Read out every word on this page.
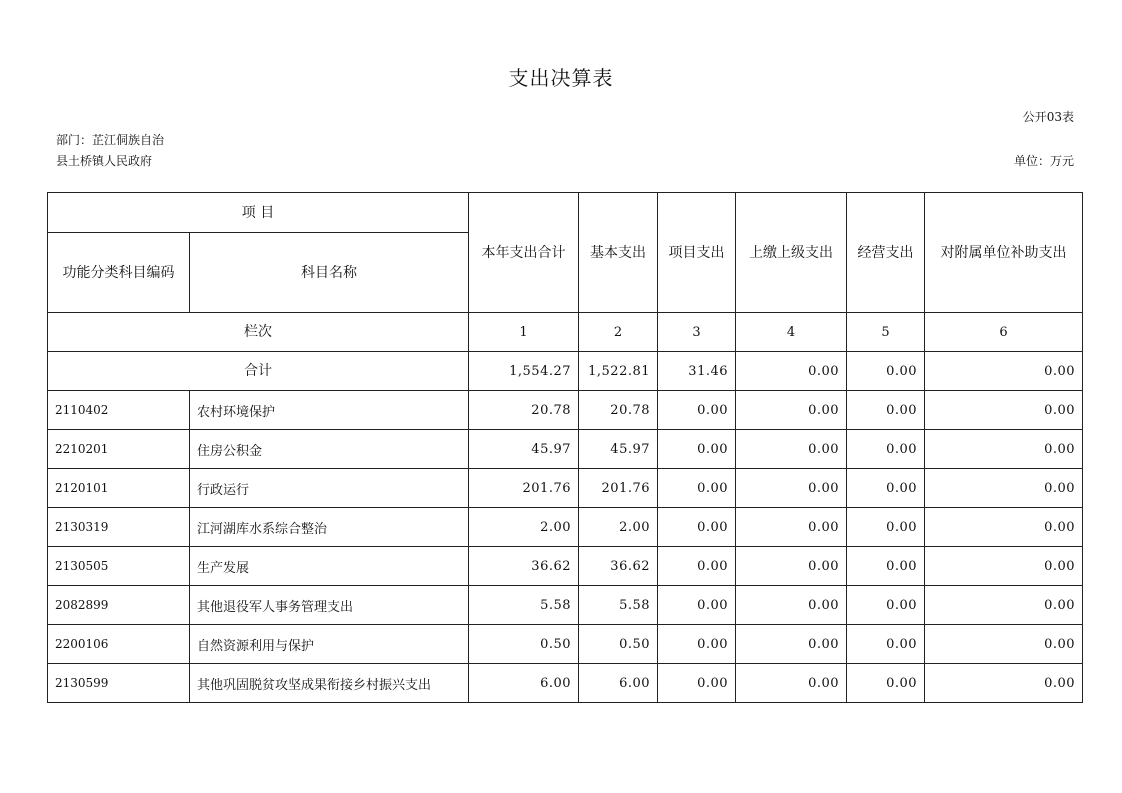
支出决算表
公开03表
部门：芷江侗族自治县土桥镇人民政府	单位：万元
项 目		本年支出合计	基本支出	项目支出	上缴上级支出	经营支出	对附属单位补助支出
功能分类科目编码	科目名称						
栏次		1	2	3	4	5	6
合计		1,554.27	1,522.81	31.46	0.00	0.00	0.00
2110402	农村环境保护	20.78	20.78	0.00	0.00	0.00	0.00
2210201	住房公积金	45.97	45.97	0.00	0.00	0.00	0.00
2120101	行政运行	201.76	201.76	0.00	0.00	0.00	0.00
2130319	江河湖库水系综合整治	2.00	2.00	0.00	0.00	0.00	0.00
2130505	生产发展	36.62	36.62	0.00	0.00	0.00	0.00
2082899	其他退役军人事务管理支出	5.58	5.58	0.00	0.00	0.00	0.00
2200106	自然资源利用与保护	0.50	0.50	0.00	0.00	0.00	0.00
2130599	其他巩固脱贫攻坚成果衔接乡村振兴支出	6.00	6.00	0.00	0.00	0.00	0.00
